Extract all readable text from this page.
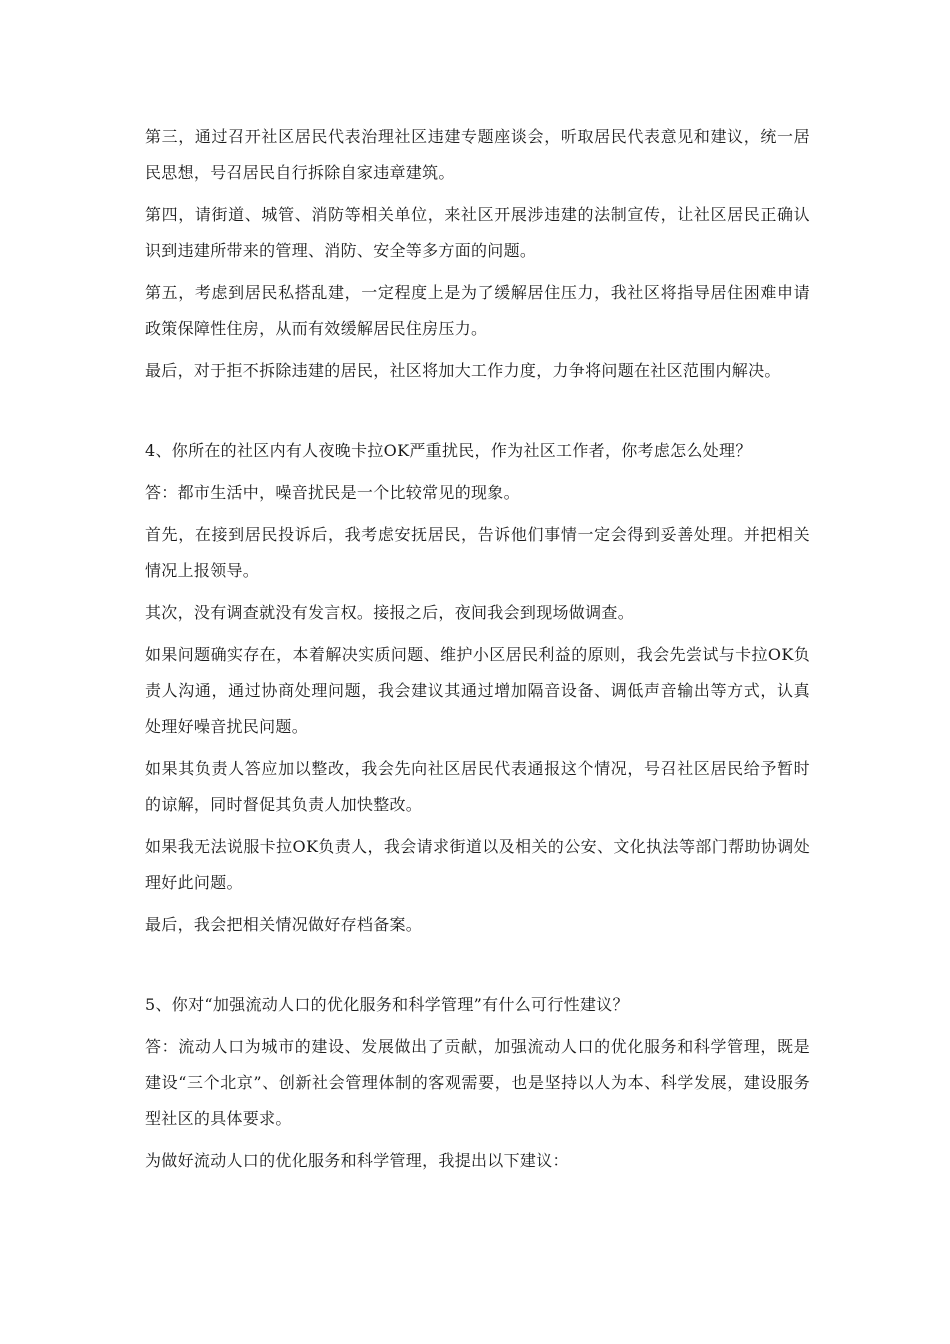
第三，通过召开社区居民代表治理社区违建专题座谈会，听取居民代表意见和建议，统一居民思想，号召居民自行拆除自家违章建筑。

第四，请街道、城管、消防等相关单位，来社区开展涉违建的法制宣传，让社区居民正确认识到违建所带来的管理、消防、安全等多方面的问题。

第五，考虑到居民私搭乱建，一定程度上是为了缓解居住压力，我社区将指导居住困难申请政策保障性住房，从而有效缓解居民住房压力。

最后，对于拒不拆除违建的居民，社区将加大工作力度，力争将问题在社区范围内解决。

4、你所在的社区内有人夜晚卡拉OK严重扰民，作为社区工作者，你考虑怎么处理？

答：都市生活中，噪音扰民是一个比较常见的现象。

首先，在接到居民投诉后，我考虑安抚居民，告诉他们事情一定会得到妥善处理。并把相关情况上报领导。

其次，没有调查就没有发言权。接报之后，夜间我会到现场做调查。

如果问题确实存在，本着解决实质问题、维护小区居民利益的原则，我会先尝试与卡拉OK负责人沟通，通过协商处理问题，我会建议其通过增加隔音设备、调低声音输出等方式，认真处理好噪音扰民问题。

如果其负责人答应加以整改，我会先向社区居民代表通报这个情况，号召社区居民给予暂时的谅解，同时督促其负责人加快整改。

如果我无法说服卡拉OK负责人，我会请求街道以及相关的公安、文化执法等部门帮助协调处理好此问题。

最后，我会把相关情况做好存档备案。

5、你对“加强流动人口的优化服务和科学管理”有什么可行性建议？

答：流动人口为城市的建设、发展做出了贡献，加强流动人口的优化服务和科学管理，既是建设“三个北京”、创新社会管理体制的客观需要，也是坚持以人为本、科学发展，建设服务型社区的具体要求。

为做好流动人口的优化服务和科学管理，我提出以下建议：
